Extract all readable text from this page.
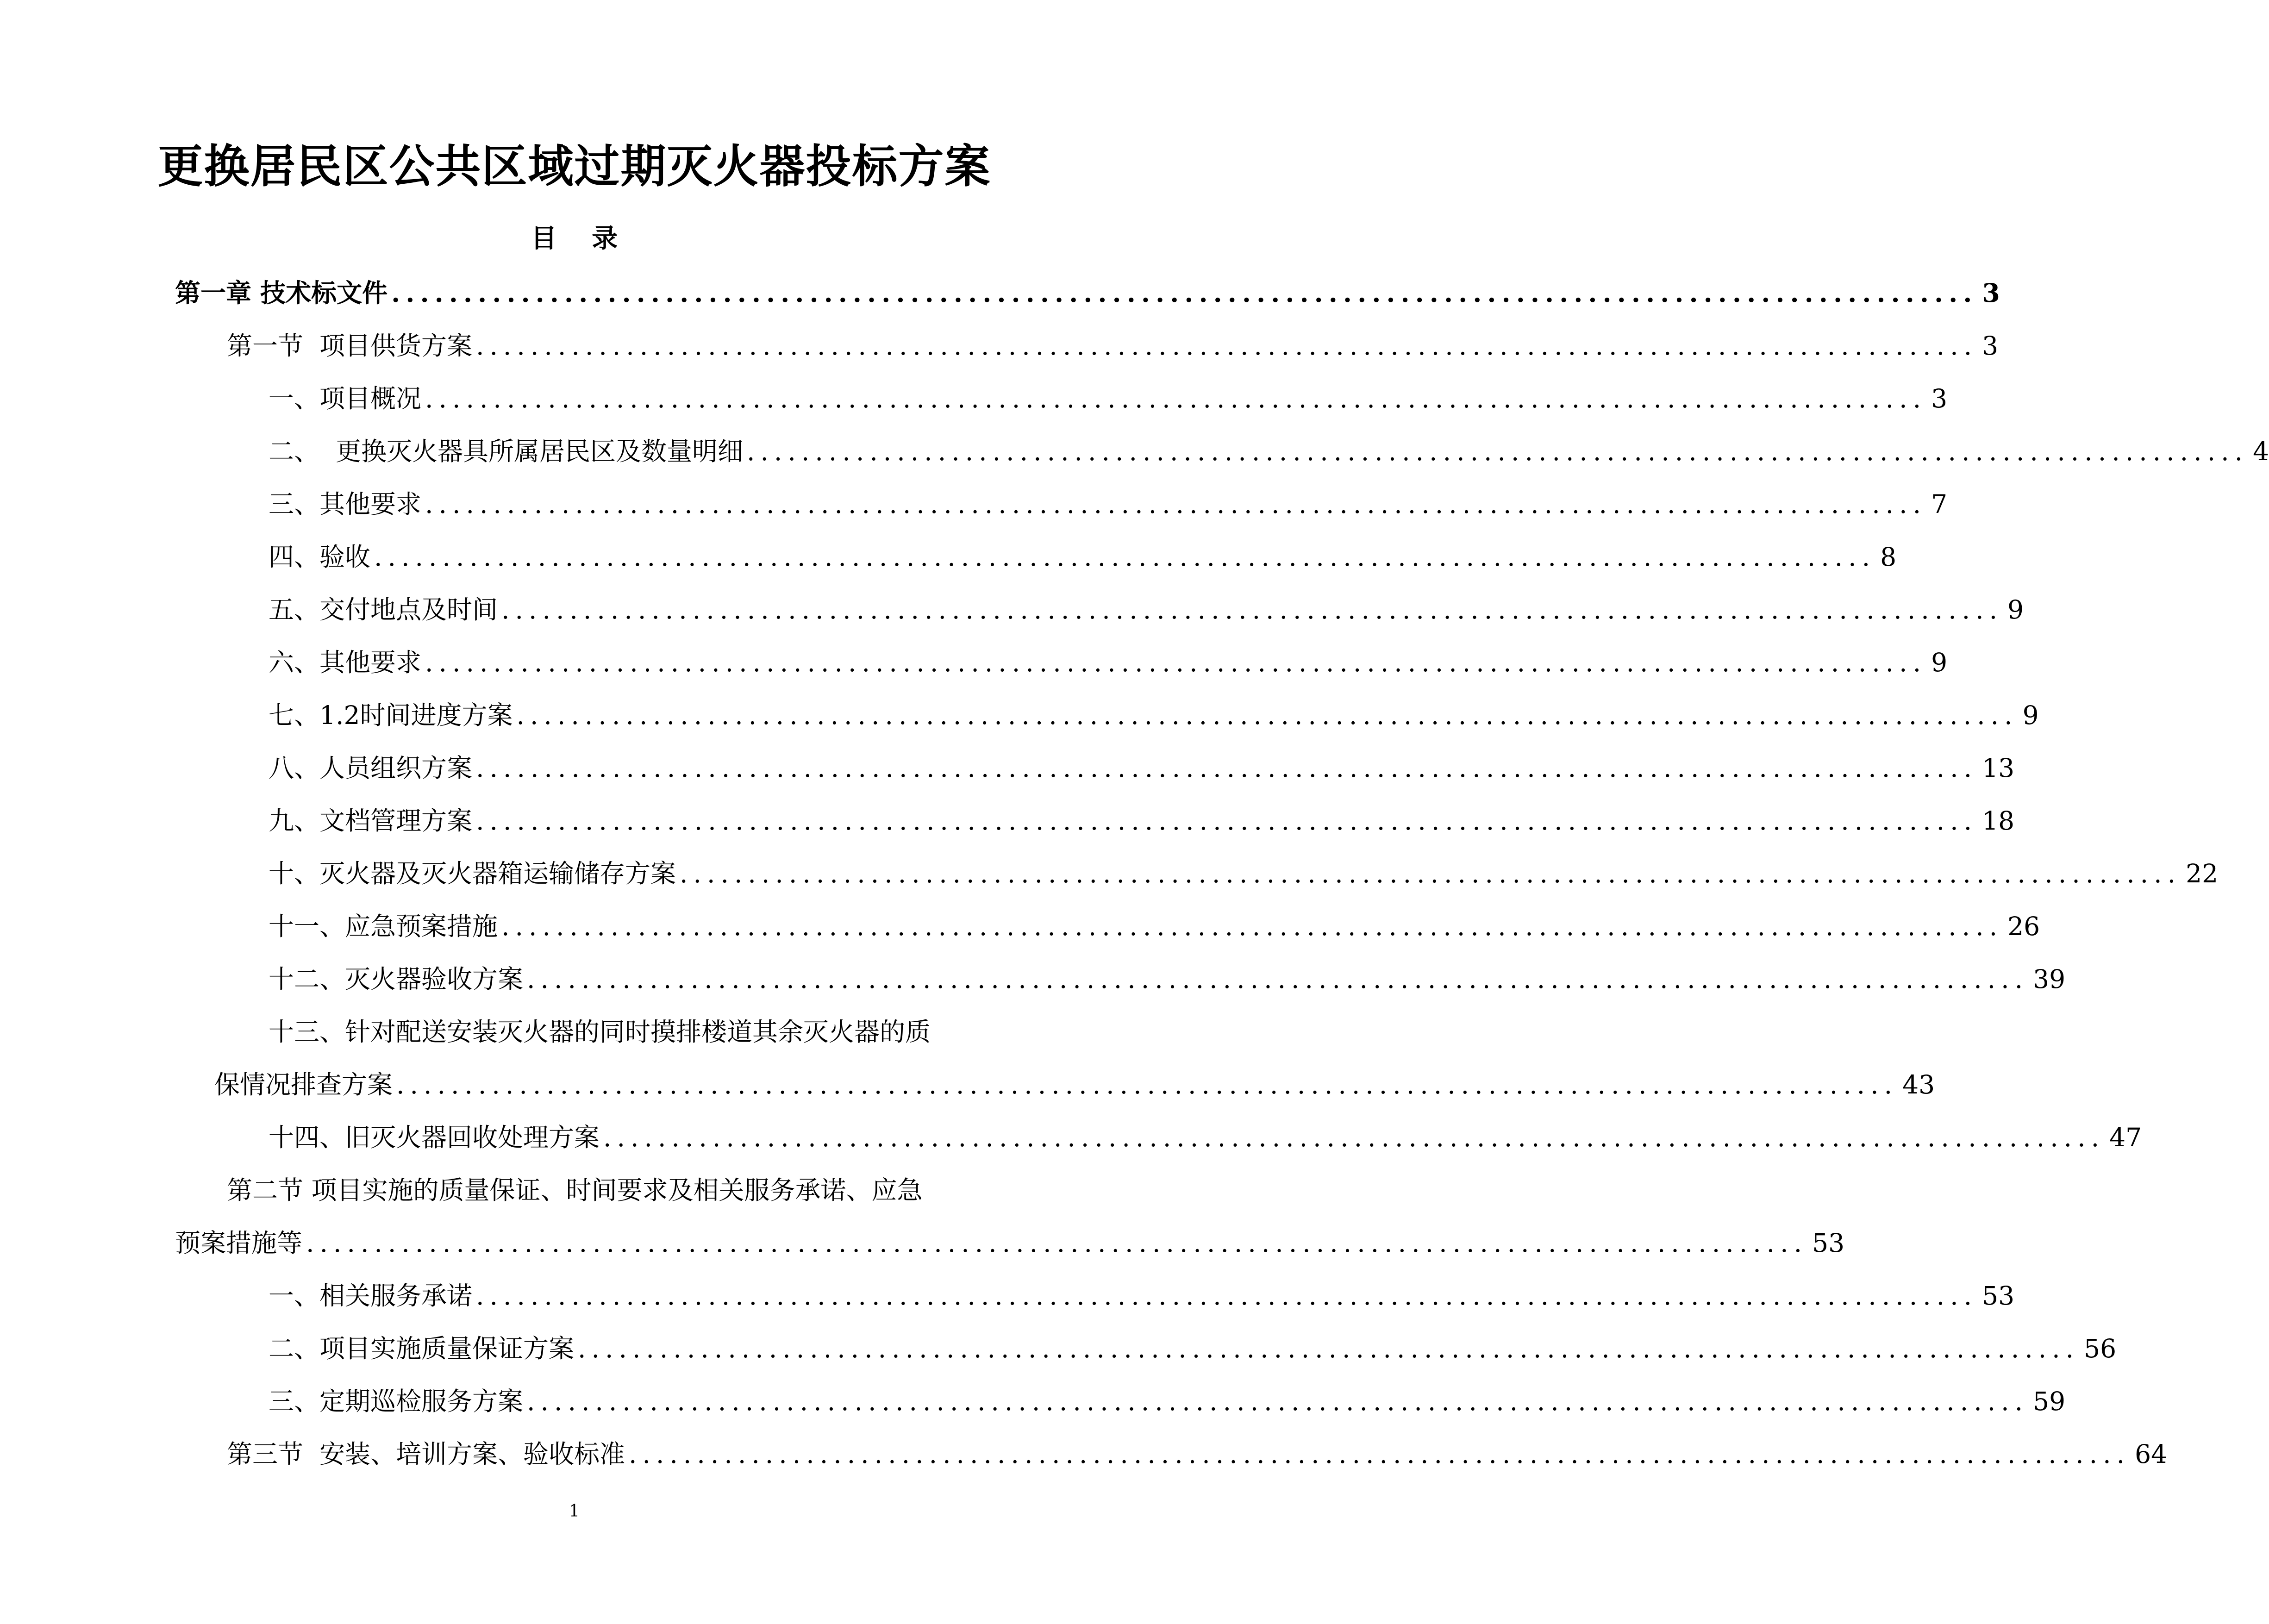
更换居民区公共区域过期灭火器投标方案
目 录
第一章 技术标文件 .............................................................................................................. 3
第一节  项目供货方案 .............................................................................................................. 3
一、项目概况 .............................................................................................................. 3
二、  更换灭火器具所属居民区及数量明细 .............................................................................................................. 4
三、其他要求 .............................................................................................................. 7
四、验收 .............................................................................................................. 8
五、交付地点及时间 .............................................................................................................. 9
六、其他要求 .............................................................................................................. 9
七、1.2时间进度方案 .............................................................................................................. 9
八、人员组织方案 .............................................................................................................. 13
九、文档管理方案 .............................................................................................................. 18
十、灭火器及灭火器箱运输储存方案 .............................................................................................................. 22
十一、应急预案措施 .............................................................................................................. 26
十二、灭火器验收方案 .............................................................................................................. 39
十三、针对配送安装灭火器的同时摸排楼道其余灭火器的质
保情况排查方案 .............................................................................................................. 43
十四、旧灭火器回收处理方案 .............................................................................................................. 47
第二节 项目实施的质量保证、时间要求及相关服务承诺、应急
预案措施等 .............................................................................................................. 53
一、相关服务承诺 .............................................................................................................. 53
二、项目实施质量保证方案 .............................................................................................................. 56
三、定期巡检服务方案 .............................................................................................................. 59
第三节  安装、培训方案、验收标准 .............................................................................................................. 64
1
